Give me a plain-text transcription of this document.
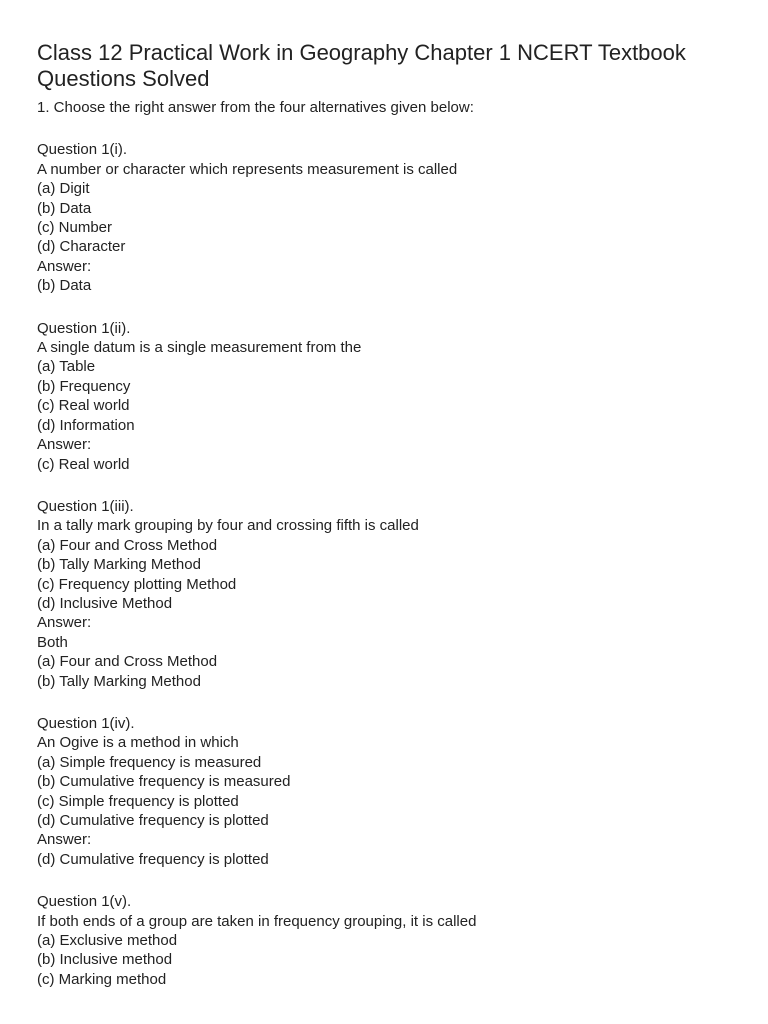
Class 12 Practical Work in Geography Chapter 1 NCERT Textbook Questions Solved

1. Choose the right answer from the four alternatives given below:

Question 1(i).
A number or character which represents measurement is called
(a) Digit
(b) Data
(c) Number
(d) Character
Answer:
(b) Data
Question 1(ii).
A single datum is a single measurement from the
(a) Table
(b) Frequency
(c) Real world
(d) Information
Answer:
(c) Real world
Question 1(iii).
In a tally mark grouping by four and crossing fifth is called
(a) Four and Cross Method
(b) Tally Marking Method
(c) Frequency plotting Method
(d) Inclusive Method
Answer:
Both
(a) Four and Cross Method
(b) Tally Marking Method
Question 1(iv).
An Ogive is a method in which
(a) Simple frequency is measured
(b) Cumulative frequency is measured
(c) Simple frequency is plotted
(d) Cumulative frequency is plotted
Answer:
(d) Cumulative frequency is plotted
Question 1(v).
If both ends of a group are taken in frequency grouping, it is called
(a) Exclusive method
(b) Inclusive method
(c) Marking method
